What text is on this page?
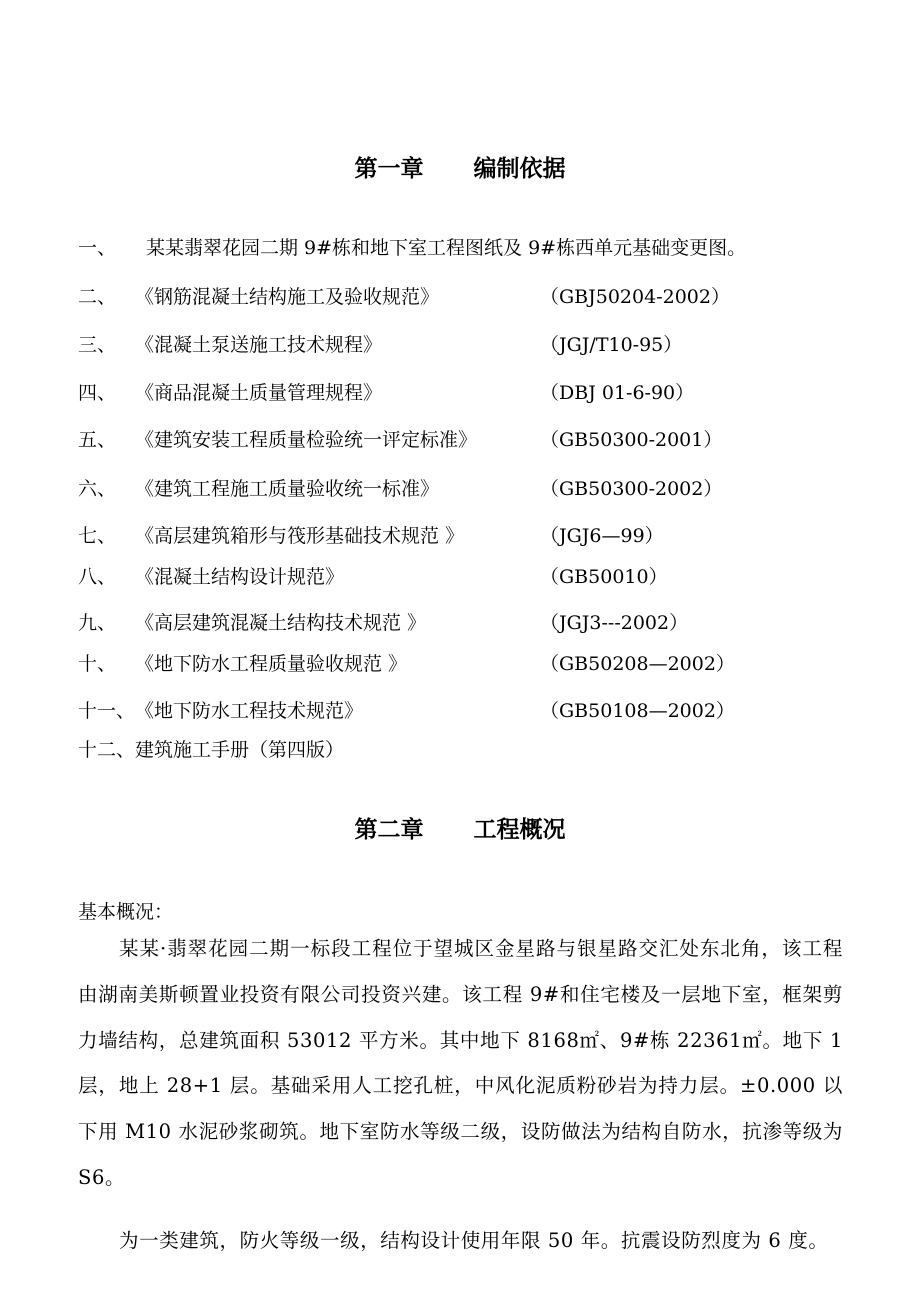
第一章 编制依据
一、 某某翡翠花园二期 9#栋和地下室工程图纸及 9#栋西单元基础变更图。
二、 《钢筋混凝土结构施工及验收规范》	（GBJ50204-2002）
三、 《混凝土泵送施工技术规程》	（JGJ/T10-95）
四、 《商品混凝土质量管理规程》	（DBJ 01-6-90）
五、 《建筑安装工程质量检验统一评定标准》	（GB50300-2001）
六、 《建筑工程施工质量验收统一标准》	（GB50300-2002）
七、 《高层建筑箱形与筏形基础技术规范 》	（JGJ6—99）
八、 《混凝土结构设计规范》	（GB50010）
九、 《高层建筑混凝土结构技术规范 》	（JGJ3---2002）
十、 《地下防水工程质量验收规范 》	（GB50208—2002）
十一、《地下防水工程技术规范》	（GB50108—2002）
十二、建筑施工手册（第四版）
第二章 工程概况
基本概况：
某某·翡翠花园二期一标段工程位于望城区金星路与银星路交汇处东北角，该工程由湖南美斯顿置业投资有限公司投资兴建。该工程 9#和住宅楼及一层地下室，框架剪力墙结构，总建筑面积 53012 平方米。其中地下 8168㎡、9#栋 22361㎡。地下 1 层，地上 28+1 层。基础采用人工挖孔桩，中风化泥质粉砂岩为持力层。±0.000 以下用 M10 水泥砂浆砌筑。地下室防水等级二级，设防做法为结构自防水，抗渗等级为 S6。
为一类建筑，防火等级一级，结构设计使用年限 50 年。抗震设防烈度为 6 度。
